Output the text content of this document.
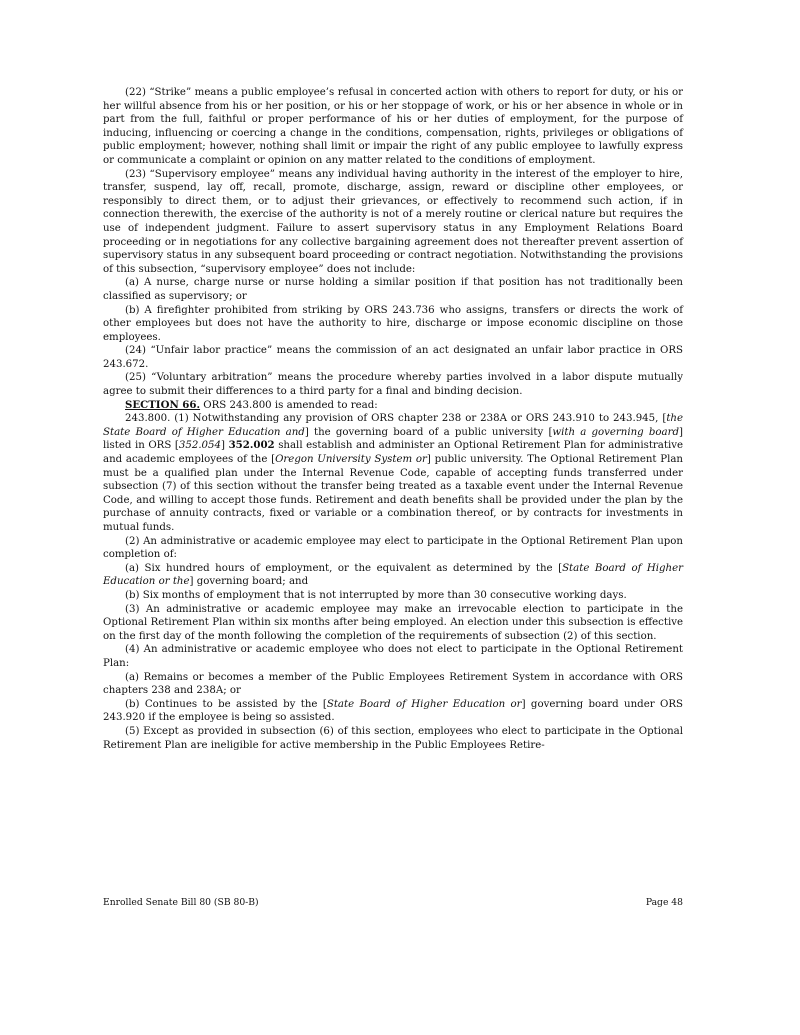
(22) “Strike” means a public employee’s refusal in concerted action with others to report for duty, or his or her willful absence from his or her position, or his or her stoppage of work, or his or her absence in whole or in part from the full, faithful or proper performance of his or her duties of employment, for the purpose of inducing, influencing or coercing a change in the conditions, compensation, rights, privileges or obligations of public employment; however, nothing shall limit or impair the right of any public employee to lawfully express or communicate a complaint or opinion on any matter related to the conditions of employment.

(23) “Supervisory employee” means any individual having authority in the interest of the employer to hire, transfer, suspend, lay off, recall, promote, discharge, assign, reward or discipline other employees, or responsibly to direct them, or to adjust their grievances, or effectively to recommend such action, if in connection therewith, the exercise of the authority is not of a merely routine or clerical nature but requires the use of independent judgment. Failure to assert supervisory status in any Employment Relations Board proceeding or in negotiations for any collective bargaining agreement does not thereafter prevent assertion of supervisory status in any subsequent board proceeding or contract negotiation. Notwithstanding the provisions of this subsection, “supervisory employee” does not include:

(a) A nurse, charge nurse or nurse holding a similar position if that position has not traditionally been classified as supervisory; or

(b) A firefighter prohibited from striking by ORS 243.736 who assigns, transfers or directs the work of other employees but does not have the authority to hire, discharge or impose economic discipline on those employees.

(24) “Unfair labor practice” means the commission of an act designated an unfair labor practice in ORS 243.672.

(25) “Voluntary arbitration” means the procedure whereby parties involved in a labor dispute mutually agree to submit their differences to a third party for a final and binding decision.

SECTION 66. ORS 243.800 is amended to read:

243.800. (1) Notwithstanding any provision of ORS chapter 238 or 238A or ORS 243.910 to 243.945, [the State Board of Higher Education and] the governing board of a public university [with a governing board] listed in ORS [352.054] 352.002 shall establish and administer an Optional Retirement Plan for administrative and academic employees of the [Oregon University System or] public university. The Optional Retirement Plan must be a qualified plan under the Internal Revenue Code, capable of accepting funds transferred under subsection (7) of this section without the transfer being treated as a taxable event under the Internal Revenue Code, and willing to accept those funds. Retirement and death benefits shall be provided under the plan by the purchase of annuity contracts, fixed or variable or a combination thereof, or by contracts for investments in mutual funds.

(2) An administrative or academic employee may elect to participate in the Optional Retirement Plan upon completion of:

(a) Six hundred hours of employment, or the equivalent as determined by the [State Board of Higher Education or the] governing board; and

(b) Six months of employment that is not interrupted by more than 30 consecutive working days.

(3) An administrative or academic employee may make an irrevocable election to participate in the Optional Retirement Plan within six months after being employed. An election under this subsection is effective on the first day of the month following the completion of the requirements of subsection (2) of this section.

(4) An administrative or academic employee who does not elect to participate in the Optional Retirement Plan:

(a) Remains or becomes a member of the Public Employees Retirement System in accordance with ORS chapters 238 and 238A; or

(b) Continues to be assisted by the [State Board of Higher Education or] governing board under ORS 243.920 if the employee is being so assisted.

(5) Except as provided in subsection (6) of this section, employees who elect to participate in the Optional Retirement Plan are ineligible for active membership in the Public Employees Retire-

Enrolled Senate Bill 80 (SB 80-B)	Page 48
